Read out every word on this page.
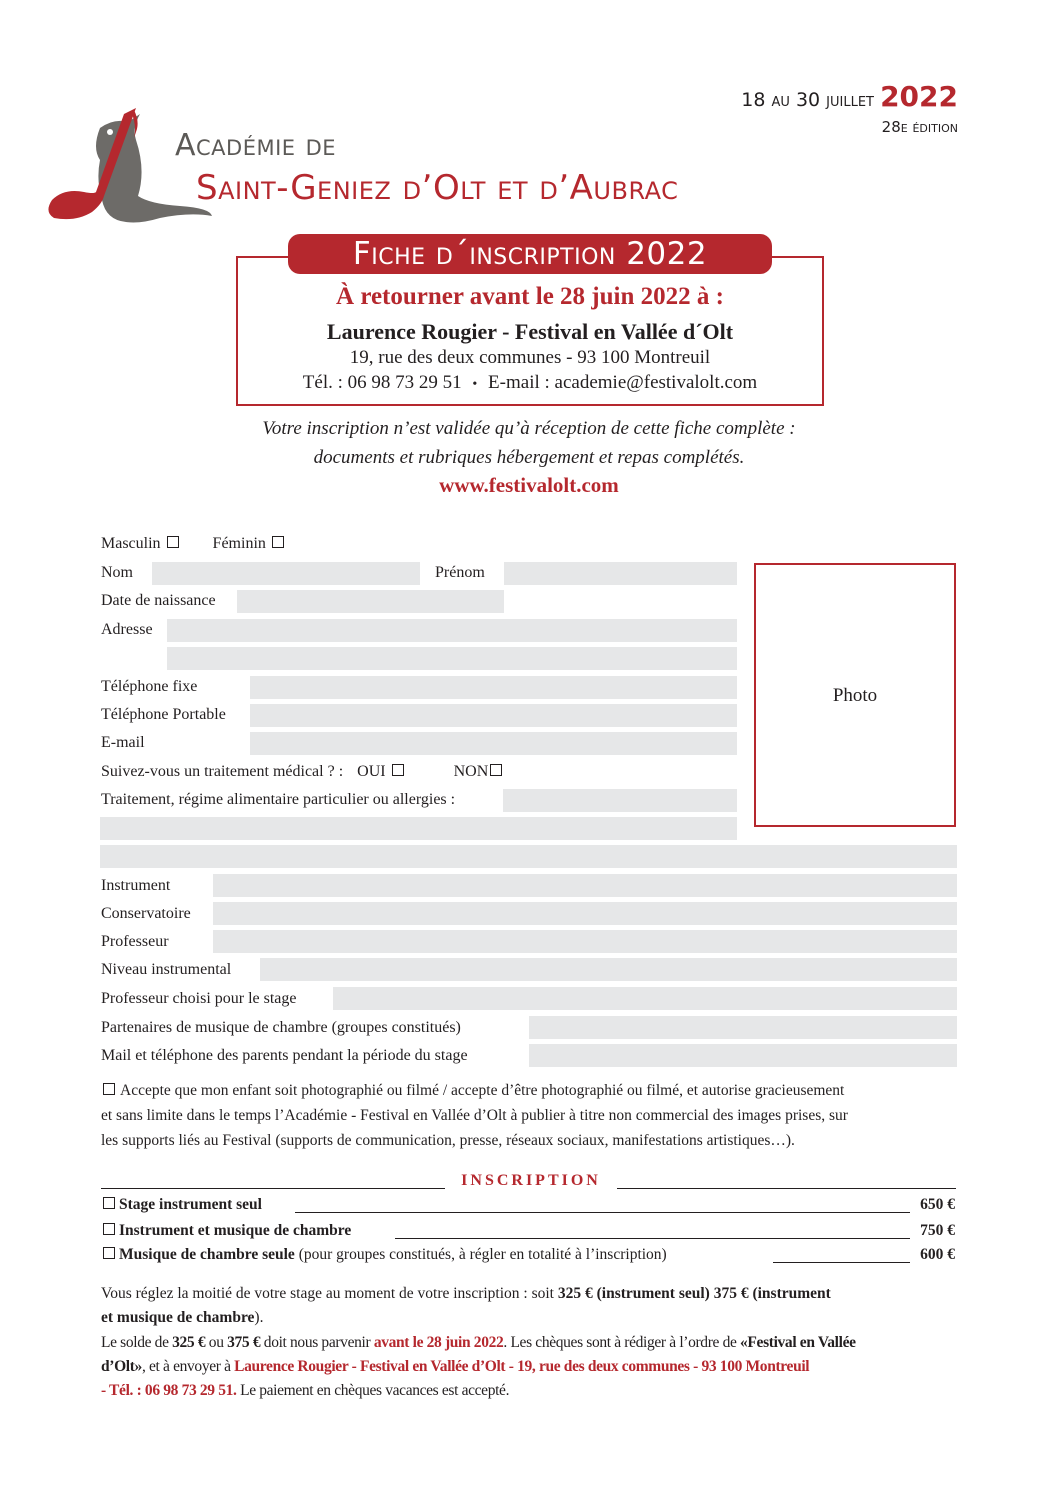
18 au 30 juillet 2022
28e édition
Académie de
Saint-Geniez d’Olt et d’Aubrac
Fiche d´inscription 2022
À retourner avant le 28 juin 2022 à :
Laurence Rougier - Festival en Vallée d´Olt
19, rue des deux communes - 93 100 Montreuil
Tél. : 06 98 73 29 51 • E-mail : academie@festivalolt.com
Votre inscription n’est validée qu’à réception de cette fiche complète :
documents et rubriques hébergement et repas complétés.
www.festivalolt.com
Masculin	Féminin
Nom	Prénom
Date de naissance
Adresse
Téléphone fixe
Téléphone Portable
E-mail
Suivez-vous un traitement médical ? : OUI	NON
Traitement, régime alimentaire particulier ou allergies :
Photo
Instrument
Conservatoire
Professeur
Niveau instrumental
Professeur choisi pour le stage
Partenaires de musique de chambre (groupes constitués)
Mail et téléphone des parents pendant la période du stage
Accepte que mon enfant soit photographié ou filmé / accepte d’être photographié ou filmé, et autorise gracieusement
et sans limite dans le temps l’Académie - Festival en Vallée d’Olt à publier à titre non commercial des images prises, sur
les supports liés au Festival (supports de communication, presse, réseaux sociaux, manifestations artistiques…).
INSCRIPTION
Stage instrument seul	650 €
Instrument et musique de chambre	750 €
Musique de chambre seule (pour groupes constitués, à régler en totalité à l’inscription)	600 €
Vous réglez la moitié de votre stage au moment de votre inscription : soit 325 € (instrument seul) 375 € (instrument
et musique de chambre).
Le solde de 325 € ou 375 € doit nous parvenir avant le 28 juin 2022. Les chèques sont à rédiger à l’ordre de «Festival en Vallée
d’Olt», et à envoyer à Laurence Rougier - Festival en Vallée d’Olt - 19, rue des deux communes - 93 100 Montreuil
- Tél. : 06 98 73 29 51. Le paiement en chèques vacances est accepté.
